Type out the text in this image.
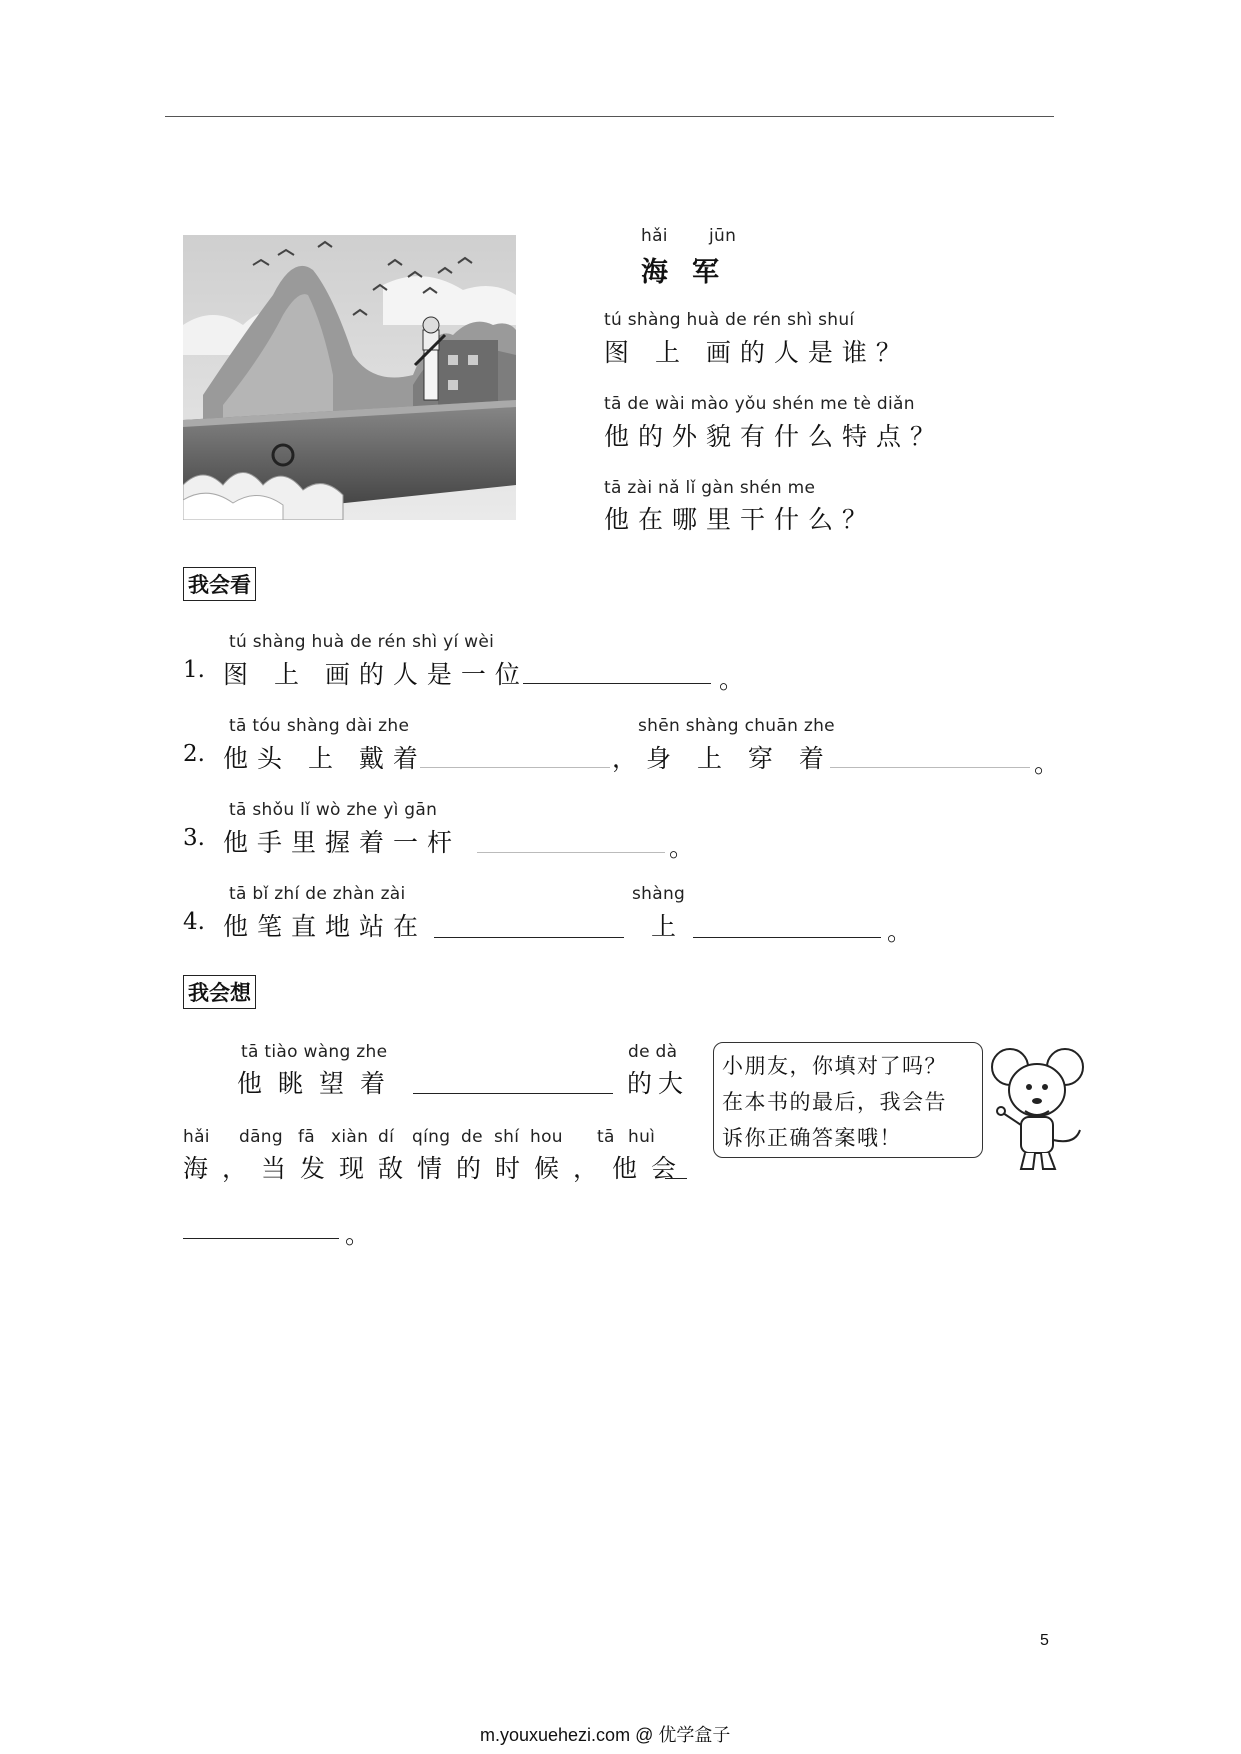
hǎi jūn
海军
tú shàng huà de rén shì shuí
图 上 画的人是谁？
tā de wài mào yǒu shén me tè diǎn
他的外貌有什么特点？
tā zài nǎ lǐ gàn shén me
他在哪里干什么？
我会看
tú shàng huà de rén shì yí wèi
1. 图 上 画的人是一位	。
tā tóu shàng dài zhe	shēn shàng chuān zhe
2. 他头 上 戴着	，身 上 穿 着	。
tā shǒu lǐ wò zhe yì gān
3. 他手里握着一杆	。
tā bǐ zhí de zhàn zài	shàng
4. 他笔直地站在	上	。
我会想
tā tiào wàng zhe
他眺望着
de dà
的大
hǎi dāng fā xiàn dí qíng de shí hou tā huì
海，当发现敌情的时候，他会
。
小朋友，你填对了吗？
在本书的最后，我会告
诉你正确答案哦！
5
m.youxuehezi.com @ 优学盒子
